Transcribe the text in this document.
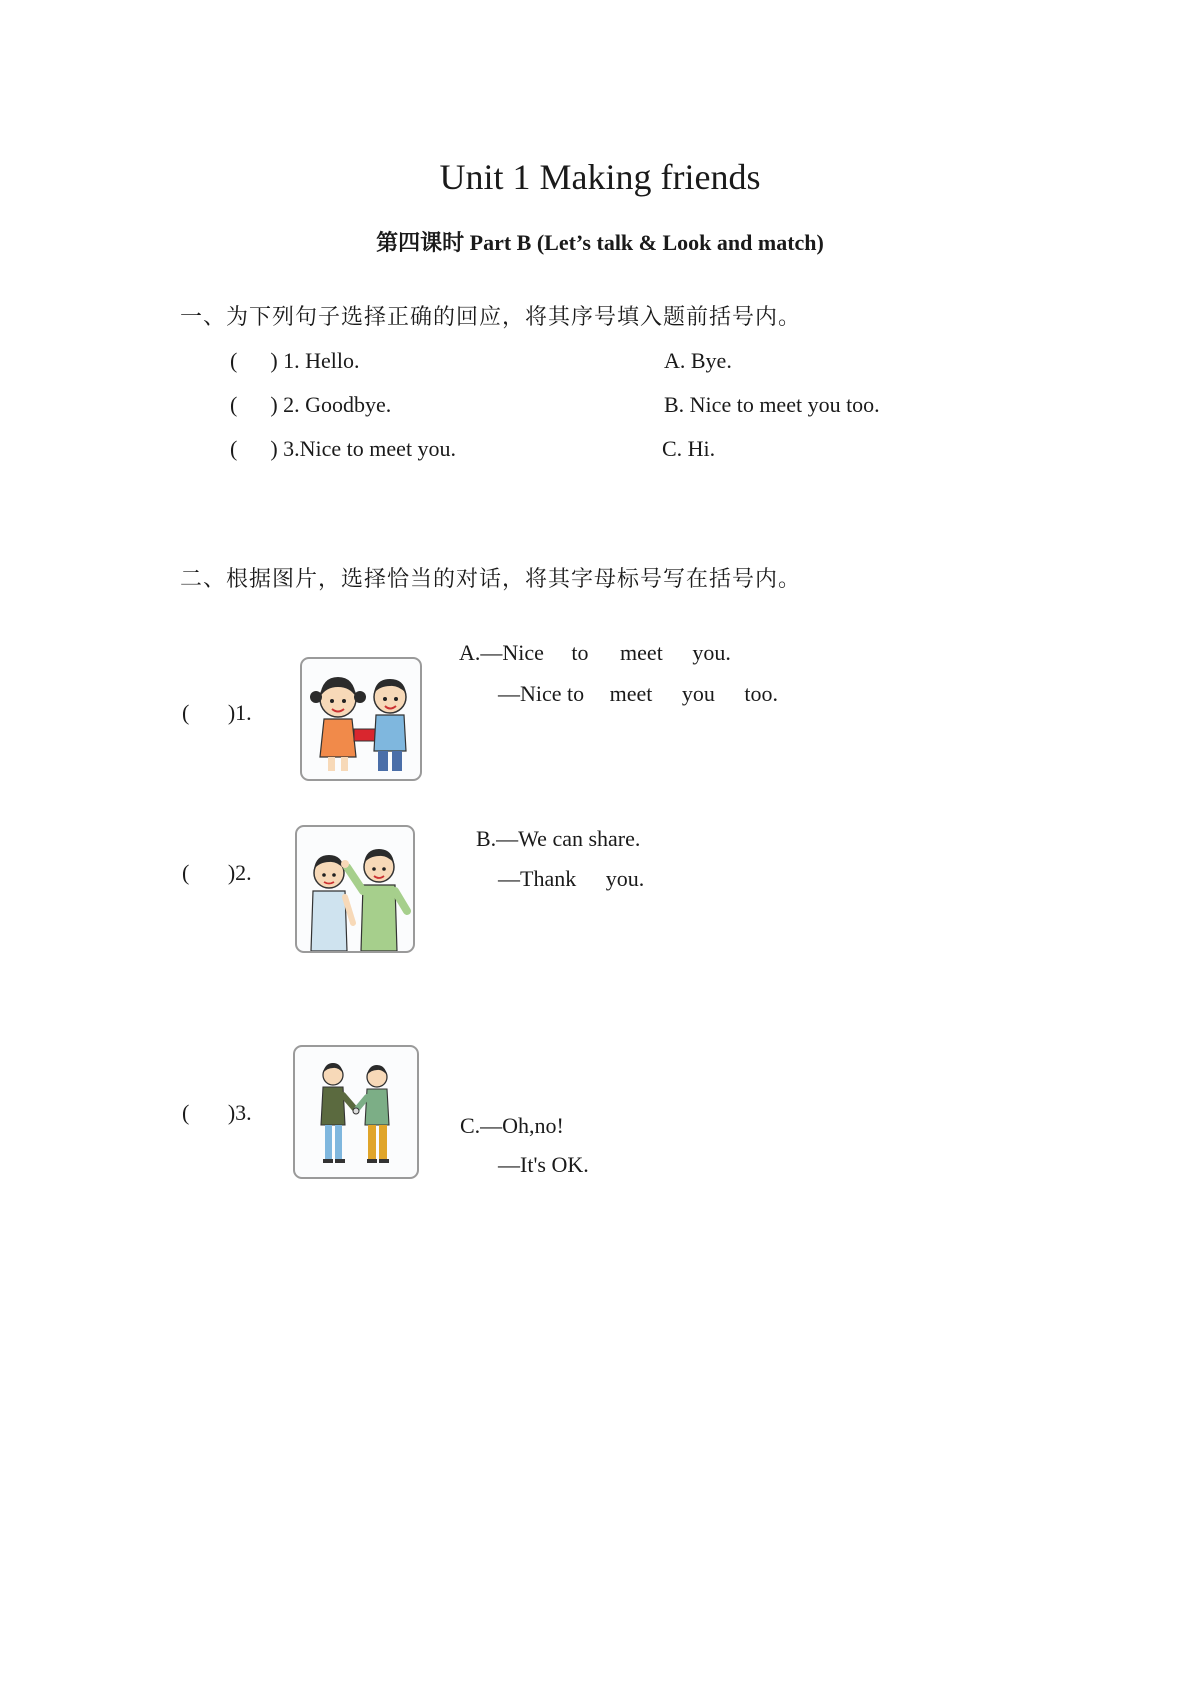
Unit 1 Making friends
第四课时 Part B (Let’s talk & Look and match)
一、为下列句子选择正确的回应，将其序号填入题前括号内。
(      ) 1. Hello.
(      ) 2. Goodbye.
(      ) 3.Nice to meet you.
A. Bye.
B. Nice to meet you too.
C. Hi.
二、根据图片，选择恰当的对话，将其字母标号写在括号内。
(       )1.
A.—Nice to meet you.
—Nice to meet you too.
(       )2.
B.—We can share.
—Thank you.
(       )3.
C.—Oh,no!
—It's OK.
